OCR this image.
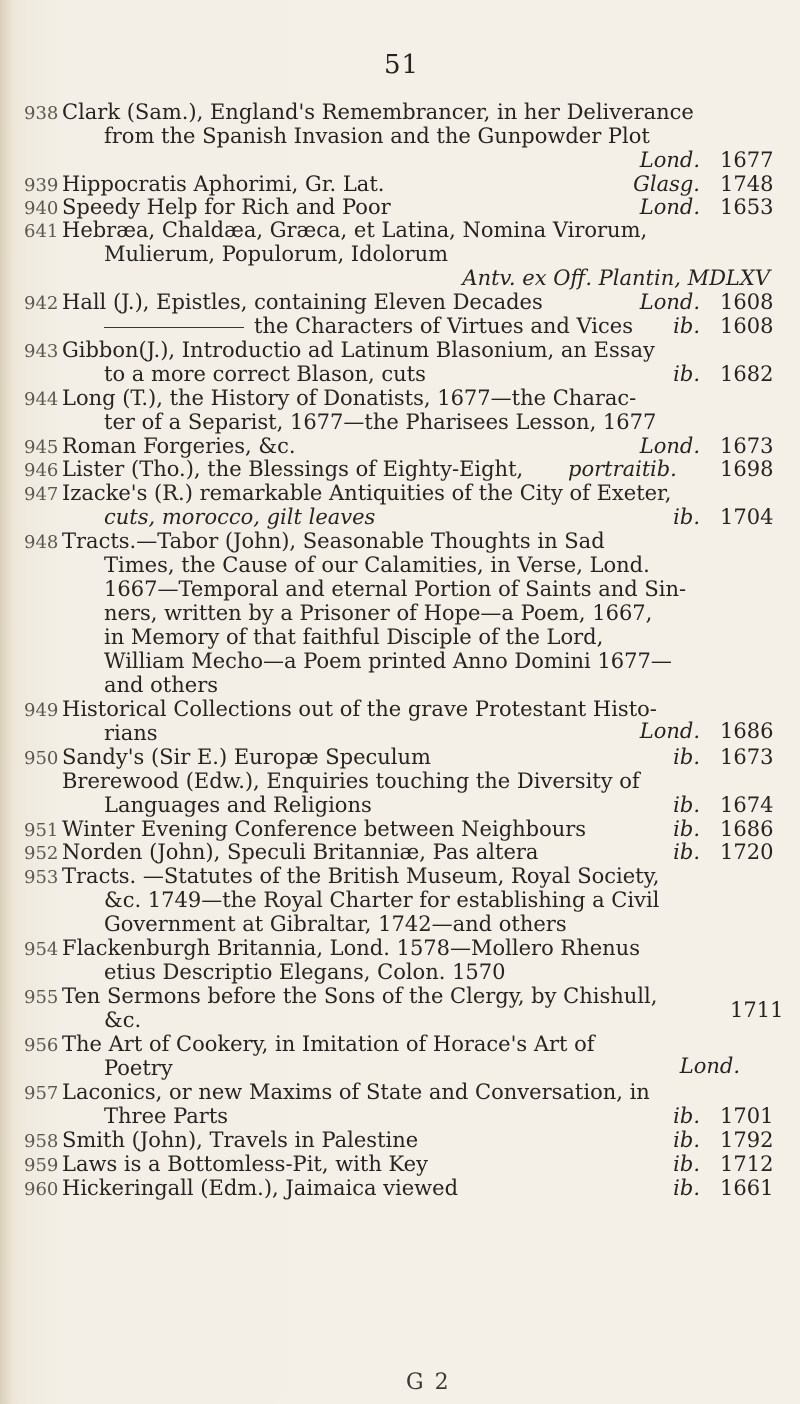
51
938 Clark (Sam.), England's Remembrancer, in her Deliverance
from the Spanish Invasion and the Gunpowder Plot
Lond. 1677
939 Hippocratis Aphorimi, Gr. Lat.	Glasg. 1748
940 Speedy Help for Rich and Poor	Lond. 1653
641 Hebræa, Chaldæa, Græca, et Latina, Nomina Virorum,
Mulierum, Populorum, Idolorum
Antv. ex Off. Plantin, MDLXV
942 Hall (J.), Epistles, containing Eleven Decades	Lond. 1608
the Characters of Virtues and Vices	ib. 1608
943 Gibbon(J.), Introductio ad Latinum Blasonium, an Essay
to a more correct Blason, cuts	ib. 1682
944 Long (T.), the History of Donatists, 1677—the Charac-
ter of a Separist, 1677—the Pharisees Lesson, 1677
945 Roman Forgeries, &c.	Lond. 1673
946 Lister (Tho.), the Blessings of Eighty-Eight, portrait ib. 1698
947 Izacke's (R.) remarkable Antiquities of the City of Exeter,
cuts, morocco, gilt leaves	ib. 1704
948 Tracts.—Tabor (John), Seasonable Thoughts in Sad
Times, the Cause of our Calamities, in Verse, Lond.
1667—Temporal and eternal Portion of Saints and Sin-
ners, written by a Prisoner of Hope—a Poem, 1667,
in Memory of that faithful Disciple of the Lord,
William Mecho—a Poem printed Anno Domini 1677—
and others
949 Historical Collections out of the grave Protestant Histo-
rians	Lond. 1686
950 Sandy's (Sir E.) Europæ Speculum	ib. 1673
Brerewood (Edw.), Enquiries touching the Diversity of
Languages and Religions	ib. 1674
951 Winter Evening Conference between Neighbours	ib. 1686
952 Norden (John), Speculi Britanniæ, Pas altera	ib. 1720
953 Tracts. —Statutes of the British Museum, Royal Society,
&c. 1749—the Royal Charter for establishing a Civil
Government at Gibraltar, 1742—and others
954 Flackenburgh Britannia, Lond. 1578—Mollero Rhenus
etius Descriptio Elegans, Colon. 1570
955 Ten Sermons before the Sons of the Clergy, by Chishull,
&c.	1711
956 The Art of Cookery, in Imitation of Horace's Art of
Poetry	Lond.
957 Laconics, or new Maxims of State and Conversation, in
Three Parts	ib. 1701
958 Smith (John), Travels in Palestine	ib. 1792
959 Laws is a Bottomless-Pit, with Key	ib. 1712
960 Hickeringall (Edm.), Jaimaica viewed	ib. 1661
G 2
